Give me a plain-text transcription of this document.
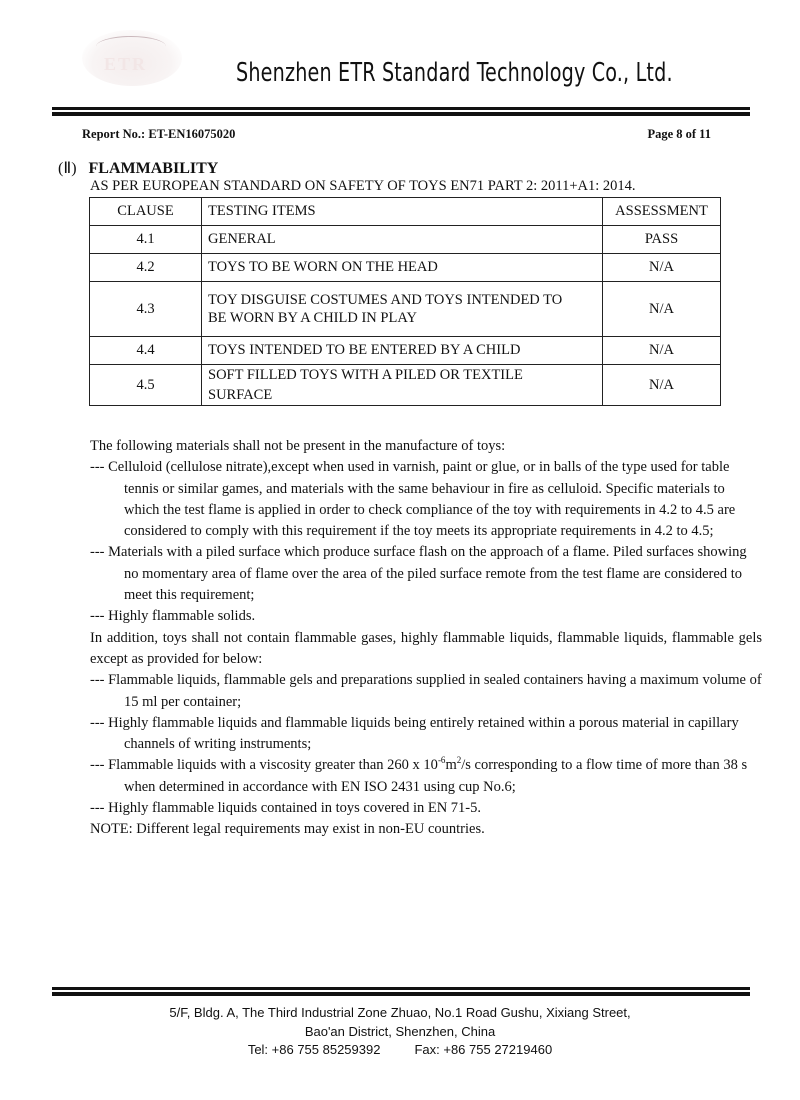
ETR	Shenzhen ETR Standard Technology Co., Ltd.
Report No.: ET-EN16075020	Page 8 of 11
(Ⅱ) FLAMMABILITY
AS PER EUROPEAN STANDARD ON SAFETY OF TOYS EN71 PART 2: 2011+A1: 2014.
CLAUSE	TESTING ITEMS	ASSESSMENT
4.1	GENERAL	PASS
4.2	TOYS TO BE WORN ON THE HEAD	N/A
4.3	TOY DISGUISE COSTUMES AND TOYS INTENDED TO
BE WORN BY A CHILD IN PLAY	N/A
4.4	TOYS INTENDED TO BE ENTERED BY A CHILD	N/A
4.5	SOFT FILLED TOYS WITH A PILED OR TEXTILE
SURFACE	N/A

The following materials shall not be present in the manufacture of toys:

--- Celluloid (cellulose nitrate),except when used in varnish, paint or glue, or in balls of the type used for table tennis or similar games, and materials with the same behaviour in fire as celluloid. Specific materials to which the test flame is applied in order to check compliance of the toy with requirements in 4.2 to 4.5 are considered to comply with this requirement if the toy meets its appropriate requirements in 4.2 to 4.5;

--- Materials with a piled surface which produce surface flash on the approach of a flame. Piled surfaces showing no momentary area of flame over the area of the piled surface remote from the test flame are considered to meet this requirement;

--- Highly flammable solids.

In addition, toys shall not contain flammable gases, highly flammable liquids, flammable liquids, flammable gels except as provided for below:

--- Flammable liquids, flammable gels and preparations supplied in sealed containers having a maximum volume of 15 ml per container;

--- Highly flammable liquids and flammable liquids being entirely retained within a porous material in capillary channels of writing instruments;

--- Flammable liquids with a viscosity greater than 260 x $10^{-6}m^2/s$ corresponding to a flow time of more than 38 s when determined in accordance with EN ISO 2431 using cup No.6;

--- Highly flammable liquids contained in toys covered in EN 71-5.

NOTE: Different legal requirements may exist in non-EU countries.

5/F, Bldg. A, The Third Industrial Zone Zhuao, No.1 Road Gushu, Xixiang Street,
Bao'an District, Shenzhen, China
Tel: +86 755 85259392	Fax: +86 755 27219460
